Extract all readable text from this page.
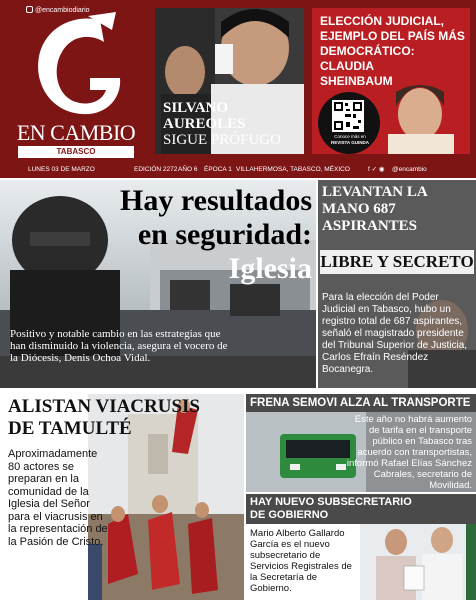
@encambiodiario
EN CAMBIO
TABASCO
SILVANO
AUREOLES
SIGUE PRÓFUGO
ELECCIÓN JUDICIAL,
EJEMPLO DEL PAÍS MÁS
DEMOCRÁTICO: CLAUDIA
SHEINBAUM
Conoce más en
REVISTA GUINDA
LUNES 03 DE MARZO	EDICIÓN 2272 AÑO 6 ÉPOCA 1 VILLAHERMOSA, TABASCO, MÉXICO	f ✓ ◉ @encambio
Hay resultados
en seguridad:
Iglesia
Positivo y notable cambio en las estrategias que han disminuido la violencia, asegura el vocero de la Diócesis, Denis Ochoa Vidal.
LEVANTAN LA MANO 687 ASPIRANTES
LIBRE Y SECRETO
Para la elección del Poder Judicial en Tabasco, hubo un registro total de 687 aspirantes, señaló el magistrado presidente del Tribunal Superior de Justicia, Carlos Efraín Reséndez Bocanegra.
ALISTAN VIACRUSIS
DE TAMULTÉ
Aproximadamente 80 actores se preparan en la comunidad de la Iglesia del Señor para el viacrusis en la representación de la Pasión de Cristo.
FRENA SEMOVI ALZA AL TRANSPORTE
Este año no habrá aumento de tarifa en el transporte público en Tabasco tras acuerdo con transportistas, informó Rafael Elías Sánchez Cabrales, secretario de Movilidad.
HAY NUEVO SUBSECRETARIO
DE GOBIERNO
Mario Alberto Gallardo García es el nuevo subsecretario de Servicios Registrales de la Secretaría de Gobierno.
